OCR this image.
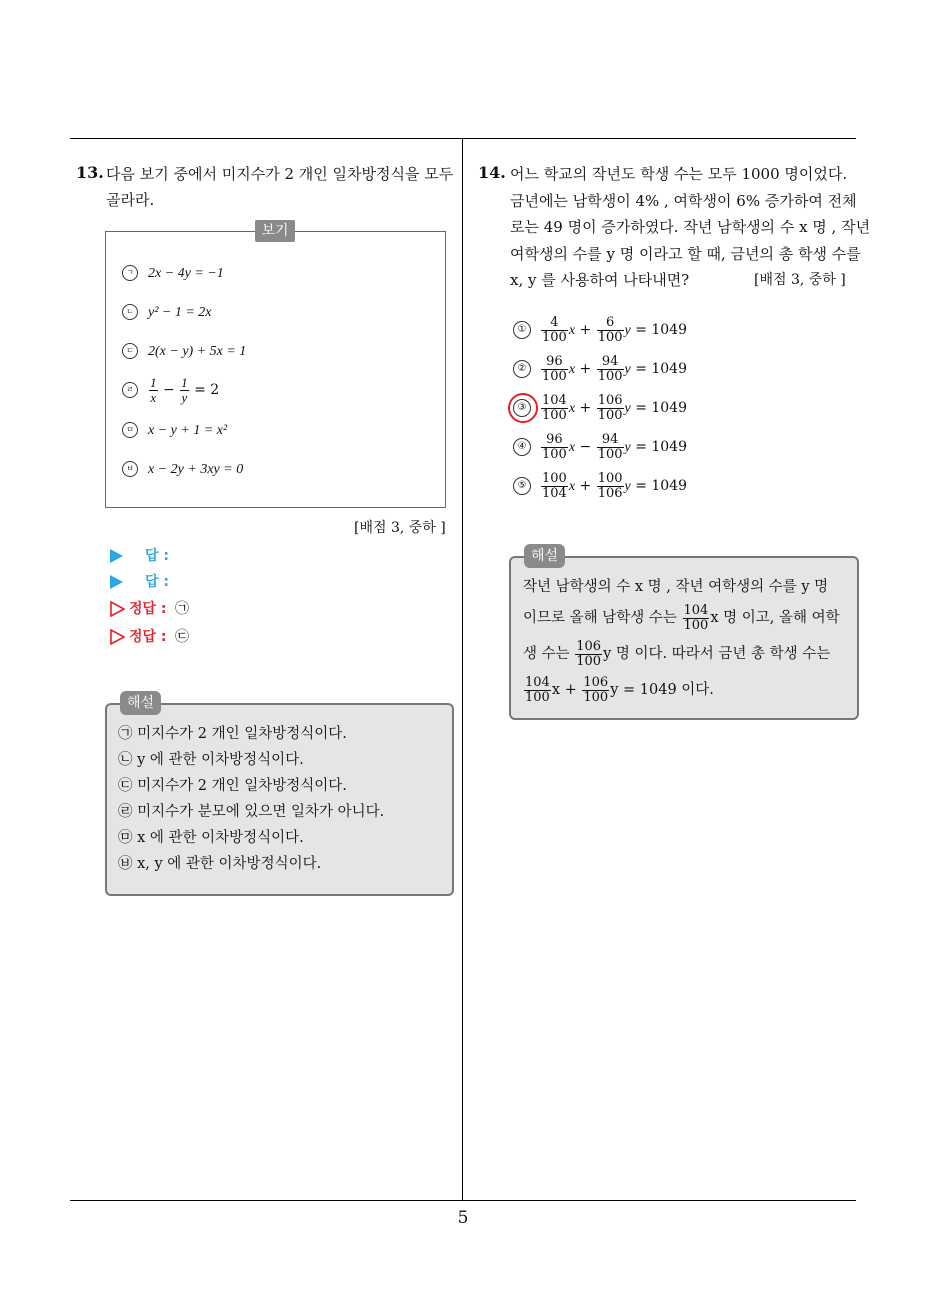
5
13. 다음 보기 중에서 미지수가 2 개인 일차방정식을 모두
골라라.
보기
ㄱ 2x − 4y = −1
ㄴ y² − 1 = 2x
ㄷ 2(x − y) + 5x = 1
ㄹ $\frac{1}{x} - \frac{1}{y} = 2$
ㅁ x − y + 1 = x²
ㅂ x − 2y + 3xy = 0
[배점 3, 중하 ]
답 :
답 :
정답 : ㉠
정답 : ㉢
해설
㉠ 미지수가 2 개인 일차방정식이다.
㉡ y 에 관한 이차방정식이다.
㉢ 미지수가 2 개인 일차방정식이다.
㉣ 미지수가 분모에 있으면 일차가 아니다.
㉤ x 에 관한 이차방정식이다.
㉥ x, y 에 관한 이차방정식이다.
14. 어느 학교의 작년도 학생 수는 모두 1000 명이었다.
금년에는 남학생이 4% , 여학생이 6% 증가하여 전체
로는 49 명이 증가하였다. 작년 남학생의 수 x 명 , 작년
여학생의 수를 y 명 이라고 할 때, 금년의 총 학생 수를
x, y 를 사용하여 나타내면?	[배점 3, 중하 ]
① $\frac{4}{100}$ $x + \frac{6}{100}$ y = 1049
② $\frac{96}{100}$ $x + \frac{94}{100}$ y = 1049
③ $\frac{104}{100}$ $x + \frac{106}{100}$ y = 1049
④ $\frac{96}{100}$ $x - \frac{94}{100}$ y = 1049
⑤ $\frac{100}{104}$ $x + \frac{100}{106}$ y = 1049
해설
작년 남학생의 수 x 명 , 작년 여학생의 수를 y 명
이므로 올해 남학생 수는 $\frac{104}{100}$ x 명 이고, 올해 여학
생 수는 $\frac{106}{100}$ y 명 이다. 따라서 금년 총 학생 수는
$\frac{104}{100}$ $x + \frac{106}{100}$ y = 1049 이다.
